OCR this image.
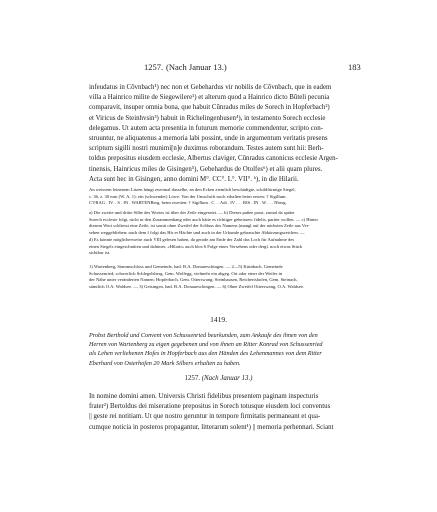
1257. (Nach Januar 13.)	183
infeudatus in Cōvnbach¹) nec non et Gebehardus vir nobilis de Cōvnbach, que in eadem
villa a Hainrico milite de Siegewilere¹) et alterum quod a Hainrico dicto Bŭteli pecunia
comparavit, insuper omnia bona, que habuit Cŭnradus miles de Sorech in Hopferbach²)
et Viricus de Steinhvsin³) habuit in Richelingenhusen⁴), in testamento Sorech ecclesie
delegamus. Ut autem acta presentia in futurum memorie commendentur, scripto con-
struuntur, ne aliquatenus a memoria labi possint, unde in argumentum veritatis presens
scriptum sigilli nostri munimi[n]e duximus roborandum. Testes autem sunt hii: Berh-
toldus prepositus eiusdem ecclesie, Albertus claviger, Cŭnradus canonicus ecclesie Argen-
tinensis, Hainricus miles de Gisingen⁵), Gebehardus de Otolfes⁶) et alii quam plures.
Acta sunt hec in Gisingen, anno domini M°. CC°. L°. VII°. ᵇ), in die Hilarii.
An weissem leinenem Litzen hängt zweimal dasselbe, an den Ecken ziemlich beschädigte, schildförmige Siegel,
c. 36, z. 30 mm (W. A. 1): ein (schwender) Löwe. Von der Umschrift noch erhalten beim ersten: † Sigillum.
CVRAG . IV. . S . IN . WARTENBerg, beim zweiten: † Sigillum . C . . Adi . IV . . . RIS . IN . W . . . Nberg.
a) Die zweite und dritte Silbe des Wortes ist über der Zeile eingesetzt. — b) Dieses pañee passt, zumal da später
Sorech ecclesie folgt, nicht in den Zusammenhang oder auch hätte es richtiger geheissen: fidelis, pariter wollen. — c) Hinter
diesem Wort schliesst eine Zeile, ist somit ohne Zweifel der Schluss des Namens (mangl auf der nächsten Zeile aus Ver-
sehen weggeblieben; nach dem f folgt das Hir er Hächte und auch in der Urkunde gebrauchte Abkürzungszeichen. —
d) Es könnte möglicherweise auch VIII gelesen haben, da gerade am Ende der Zahl das Loch für Aufnahme des
einen Siegels eingeschnitten und dahinter, «Hilarii» auch blos 6 Folge eines Versehens oder dergl. noch etwas Stück
sichtbar ist.
1) Wartenberg, Stammschloss und Gemeinde, bad. B.A. Donaueschingen. — 2—5) Kürnbach, Gemeinde
Schussenried; schwerlich Schlegelsberg, Gem. Wolfegg, vielmehr ein abgeg. Ort oder einer der Weiler in
der Nähe unter veränderten Namen; Hopferbach, Gem. Otterswang; Steinhausen, Reichertshofen, Gem. Steinach,
sämtlich O.A. Waldsee. — 3) Geisingen, bad. B.A. Donaueschingen. — 6) Ohne Zweifel Otterswang, O.A. Waldsee.
1419.
Probst Berthold und Convent von Schussenried beurkunden, zum Ankaufe des ihnen von den
Herren von Wartenberg zu eigen gegebenen und von ihnen an Ritter Konrad von Schussenried
als Lehen verliehenen Hofes in Hopferbach aus den Händen des Lehenmannes von dem Ritter
Eberhard von Osterhofen 20 Mark Silbers erhalten zu haben.
1257. (Nach Januar 13.)
In nomine domini amen. Universis Christi fidelibus presentem paginam inspecturis
frater²) Bertoldus dei miseratione prepositus in Sorech totusque eiusdem loci conventus
|| geste rei notitiam. Ut que nostro geruntur in tempore firmitatis permaneant et qua-
cumque noticia in posteros propagantur, litterarum solent¹) || memoria perhennari. Sciant
